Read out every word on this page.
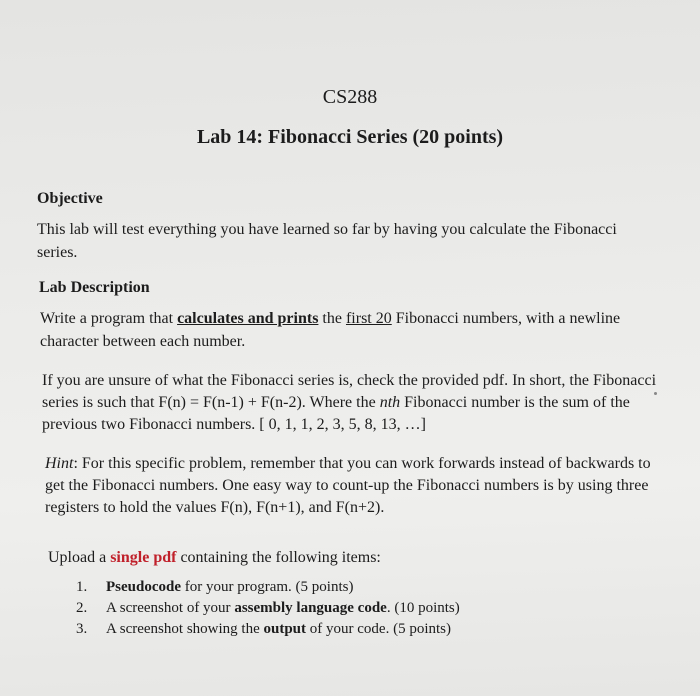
CS288
Lab 14: Fibonacci Series (20 points)
Objective
This lab will test everything you have learned so far by having you calculate the Fibonacci
series.
Lab Description
Write a program that calculates and prints the first 20 Fibonacci numbers, with a newline
character between each number.
If you are unsure of what the Fibonacci series is, check the provided pdf. In short, the Fibonacci
series is such that F(n) = F(n-1) + F(n-2). Where the nth Fibonacci number is the sum of the
previous two Fibonacci numbers. [ 0, 1, 1, 2, 3, 5, 8, 13, …]
Hint: For this specific problem, remember that you can work forwards instead of backwards to
get the Fibonacci numbers. One easy way to count-up the Fibonacci numbers is by using three
registers to hold the values F(n), F(n+1), and F(n+2).
Upload a single pdf containing the following items:
1. Pseudocode for your program. (5 points)
2. A screenshot of your assembly language code. (10 points)
3. A screenshot showing the output of your code. (5 points)
